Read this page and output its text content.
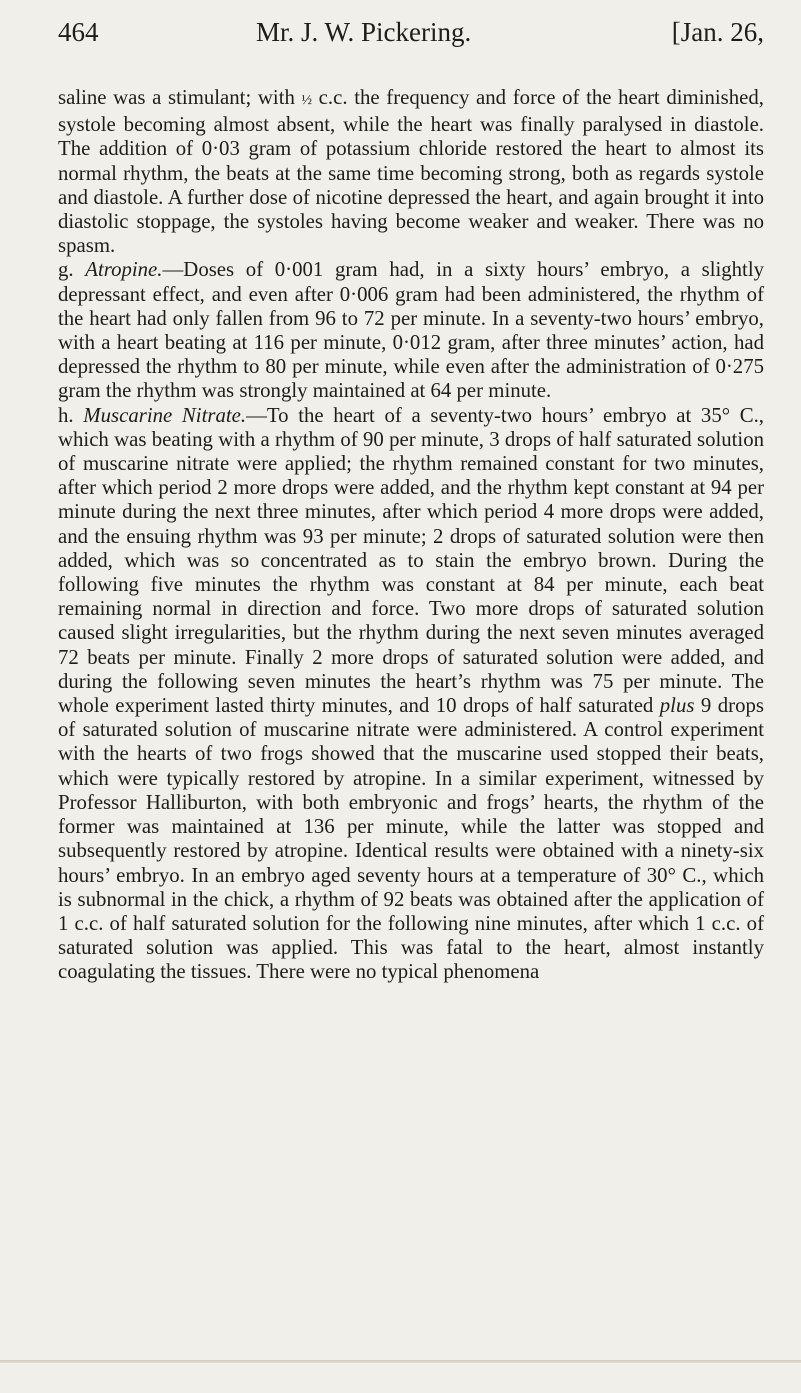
464	Mr. J. W. Pickering.	[Jan. 26,

saline was a stimulant; with ½ c.c. the frequency and force of the heart diminished, systole becoming almost absent, while the heart was finally paralysed in diastole. The addition of 0·03 gram of potassium chloride restored the heart to almost its normal rhythm, the beats at the same time becoming strong, both as regards systole and diastole. A further dose of nicotine depressed the heart, and again brought it into diastolic stoppage, the systoles having become weaker and weaker. There was no spasm.

g. Atropine.—Doses of 0·001 gram had, in a sixty hours’ embryo, a slightly depressant effect, and even after 0·006 gram had been administered, the rhythm of the heart had only fallen from 96 to 72 per minute. In a seventy-two hours’ embryo, with a heart beating at 116 per minute, 0·012 gram, after three minutes’ action, had depressed the rhythm to 80 per minute, while even after the administration of 0·275 gram the rhythm was strongly maintained at 64 per minute.

h. Muscarine Nitrate.—To the heart of a seventy-two hours’ embryo at 35° C., which was beating with a rhythm of 90 per minute, 3 drops of half saturated solution of muscarine nitrate were applied; the rhythm remained constant for two minutes, after which period 2 more drops were added, and the rhythm kept constant at 94 per minute during the next three minutes, after which period 4 more drops were added, and the ensuing rhythm was 93 per minute; 2 drops of saturated solution were then added, which was so concentrated as to stain the embryo brown. During the following five minutes the rhythm was constant at 84 per minute, each beat remaining normal in direction and force. Two more drops of saturated solution caused slight irregularities, but the rhythm during the next seven minutes averaged 72 beats per minute. Finally 2 more drops of saturated solution were added, and during the following seven minutes the heart’s rhythm was 75 per minute. The whole experiment lasted thirty minutes, and 10 drops of half saturated plus 9 drops of saturated solution of muscarine nitrate were administered. A control experiment with the hearts of two frogs showed that the muscarine used stopped their beats, which were typically restored by atropine. In a similar experiment, witnessed by Professor Halliburton, with both embryonic and frogs’ hearts, the rhythm of the former was maintained at 136 per minute, while the latter was stopped and subsequently restored by atropine. Identical results were obtained with a ninety-six hours’ embryo. In an embryo aged seventy hours at a temperature of 30° C., which is subnormal in the chick, a rhythm of 92 beats was obtained after the application of 1 c.c. of half saturated solution for the following nine minutes, after which 1 c.c. of saturated solution was applied. This was fatal to the heart, almost instantly coagulating the tissues. There were no typical phenomena
